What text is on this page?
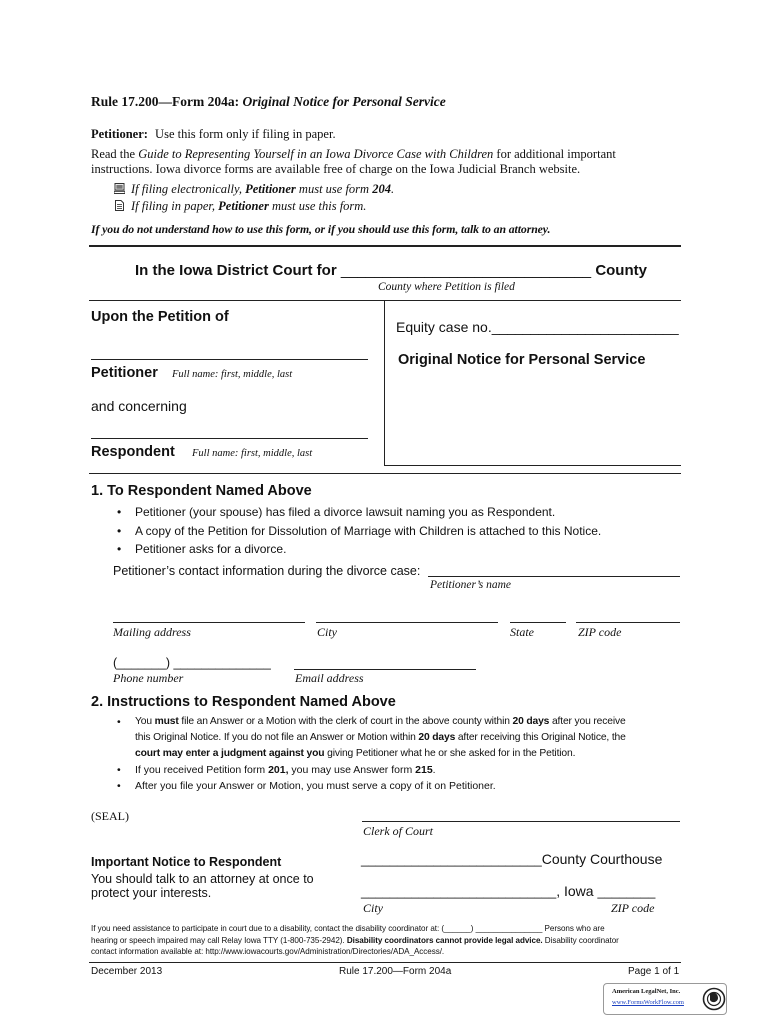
Rule 17.200—Form 204a: Original Notice for Personal Service
Petitioner: Use this form only if filing in paper.
Read the Guide to Representing Yourself in an Iowa Divorce Case with Children for additional important
instructions. Iowa divorce forms are available free of charge on the Iowa Judicial Branch website.
If filing electronically, Petitioner must use form 204.
If filing in paper, Petitioner must use this form.
If you do not understand how to use this form, or if you should use this form, talk to an attorney.
In the Iowa District Court for ______________________________ County
County where Petition is filed
Upon the Petition of
Equity case no.________________________
Original Notice for Personal Service
Petitioner Full name: first, middle, last
and concerning
Respondent Full name: first, middle, last
1. To Respondent Named Above
• Petitioner (your spouse) has filed a divorce lawsuit naming you as Respondent.
• A copy of the Petition for Dissolution of Marriage with Children is attached to this Notice.
• Petitioner asks for a divorce.
Petitioner’s contact information during the divorce case:
Petitioner’s name
Mailing address	City	State	ZIP code
(_______) ______________
Phone number	Email address
2. Instructions to Respondent Named Above
• You must file an Answer or a Motion with the clerk of court in the above county within 20 days after you receive
this Original Notice. If you do not file an Answer or Motion within 20 days after receiving this Original Notice, the
court may enter a judgment against you giving Petitioner what he or she asked for in the Petition.
• If you received Petition form 201, you may use Answer form 215.
• After you file your Answer or Motion, you must serve a copy of it on Petitioner.
(SEAL)
Clerk of Court
_________________________County Courthouse
Important Notice to Respondent
You should talk to an attorney at once to
protect your interests.	___________________________, Iowa ________
City	ZIP code
If you need assistance to participate in court due to a disability, contact the disability coordinator at: (______) _______________ Persons who are
hearing or speech impaired may call Relay Iowa TTY (1-800-735-2942). Disability coordinators cannot provide legal advice. Disability coordinator
contact information available at: http://www.iowacourts.gov/Administration/Directories/ADA_Access/.
December 2013	Rule 17.200—Form 204a	Page 1 of 1
American LegalNet, Inc.
www.FormsWorkFlow.com
